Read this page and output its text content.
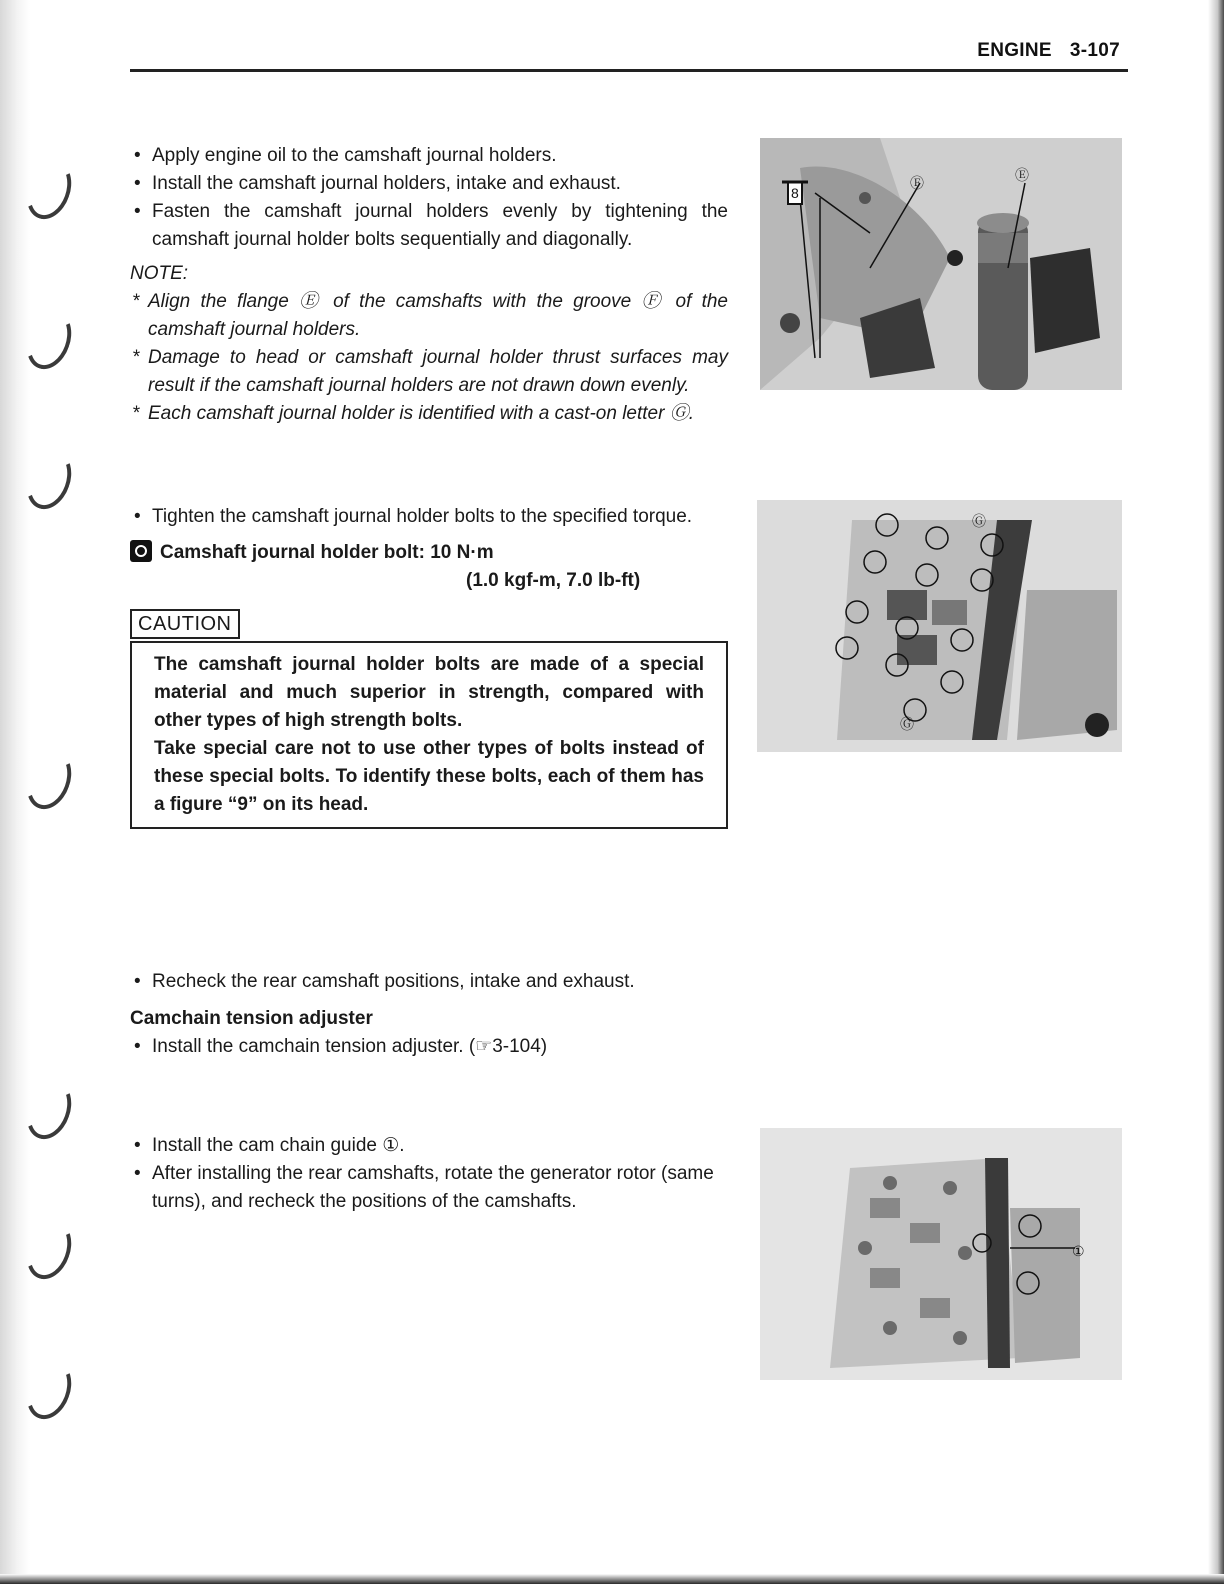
ENGINE 3-107
• Apply engine oil to the camshaft journal holders.
• Install the camshaft journal holders, intake and exhaust.
• Fasten the camshaft journal holders evenly by tightening the camshaft journal holder bolts sequentially and diagonally.
NOTE:
* Align the flange Ⓔ of the camshafts with the groove Ⓕ of the camshaft journal holders.
* Damage to head or camshaft journal holder thrust surfaces may result if the camshaft journal holders are not drawn down evenly.
* Each camshaft journal holder is identified with a cast-on letter Ⓖ.
• Tighten the camshaft journal holder bolts to the specified torque.
Camshaft journal holder bolt: 10 N·m
(1.0 kgf-m, 7.0 lb-ft)
CAUTION
The camshaft journal holder bolts are made of a special material and much superior in strength, compared with other types of high strength bolts.
Take special care not to use other types of bolts instead of these special bolts. To identify these bolts, each of them has a figure “9” on its head.
• Recheck the rear camshaft positions, intake and exhaust.
Camchain tension adjuster
• Install the camchain tension adjuster. (☞3-104)
• Install the cam chain guide ①.
• After installing the rear camshafts, rotate the generator rotor (same turns), and recheck the positions of the camshafts.
8
Ⓕ	Ⓔ
Ⓖ
Ⓖ
①
